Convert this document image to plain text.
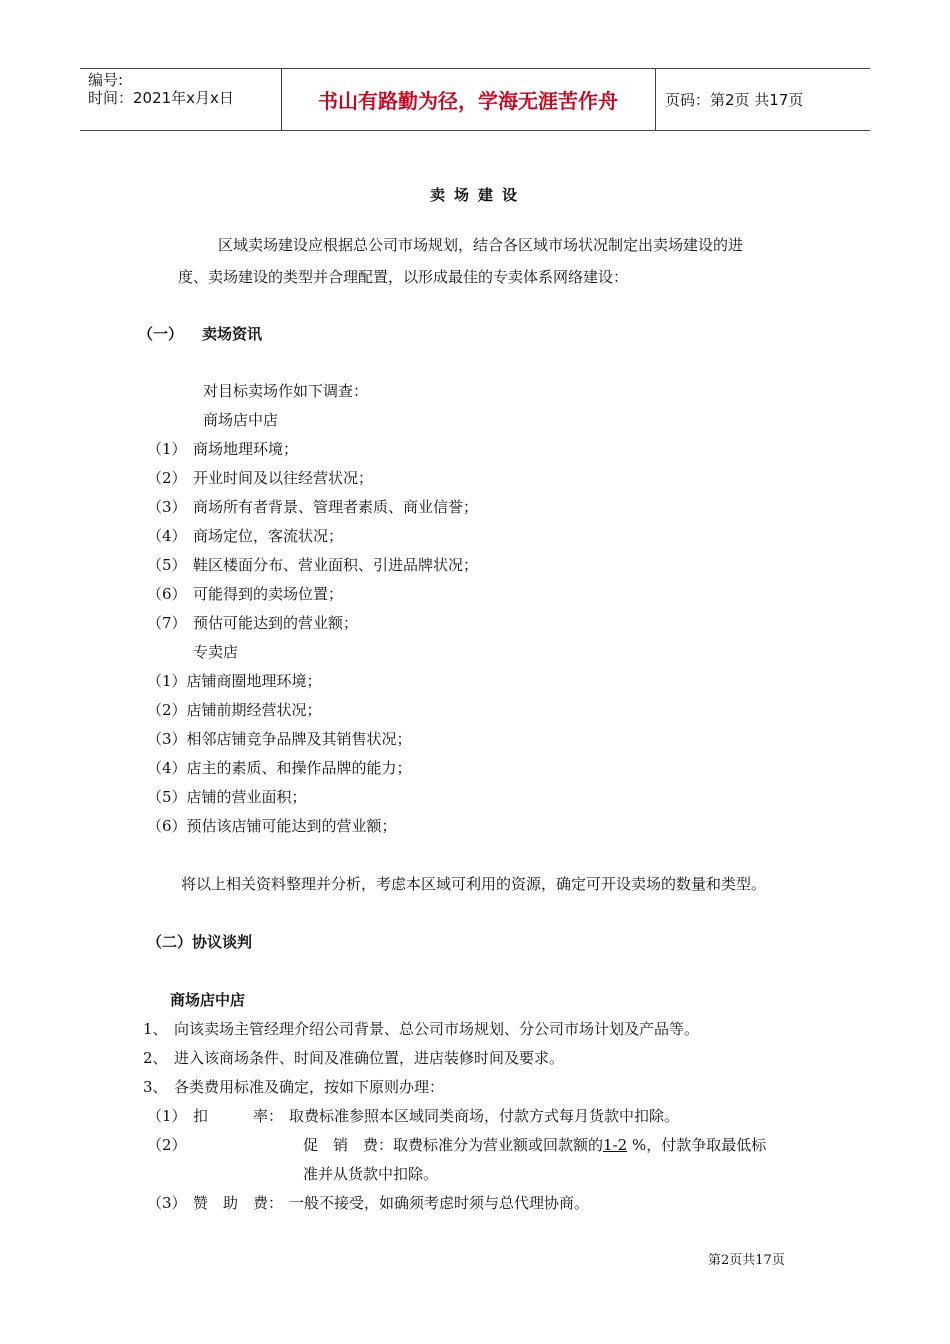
编号:
时间：2021年x月x日	书山有路勤为径，学海无涯苦作舟	页码：第2页 共17页
卖场建设
区域卖场建设应根据总公司市场规划，结合各区域市场状况制定出卖场建设的进
度、卖场建设的类型并合理配置，以形成最佳的专卖体系网络建设：
（一） 卖场资讯
对目标卖场作如下调查：
商场店中店
（1） 商场地理环境；
（2） 开业时间及以往经营状况；
（3） 商场所有者背景、管理者素质、商业信誉；
（4） 商场定位，客流状况；
（5） 鞋区楼面分布、营业面积、引进品牌状况；
（6） 可能得到的卖场位置；
（7） 预估可能达到的营业额；
专卖店
（1）店铺商圈地理环境；
（2）店铺前期经营状况；
（3）相邻店铺竞争品牌及其销售状况；
（4）店主的素质、和操作品牌的能力；
（5）店铺的营业面积；
（6）预估该店铺可能达到的营业额；
将以上相关资料整理并分析，考虑本区域可利用的资源，确定可开设卖场的数量和类型。
（二）协议谈判
商场店中店
1、 向该卖场主管经理介绍公司背景、总公司市场规划、分公司市场计划及产品等。
2、 进入该商场条件、时间及准确位置，进店装修时间及要求。
3、 各类费用标准及确定，按如下原则办理：
（1） 扣　　　率： 取费标准参照本区域同类商场，付款方式每月货款中扣除。
（2）	促　销　费：取费标准分为营业额或回款额的1-2 %，付款争取最低标
准并从货款中扣除。
（3） 赞　助　费： 一般不接受，如确须考虑时须与总代理协商。
第2页共17页
